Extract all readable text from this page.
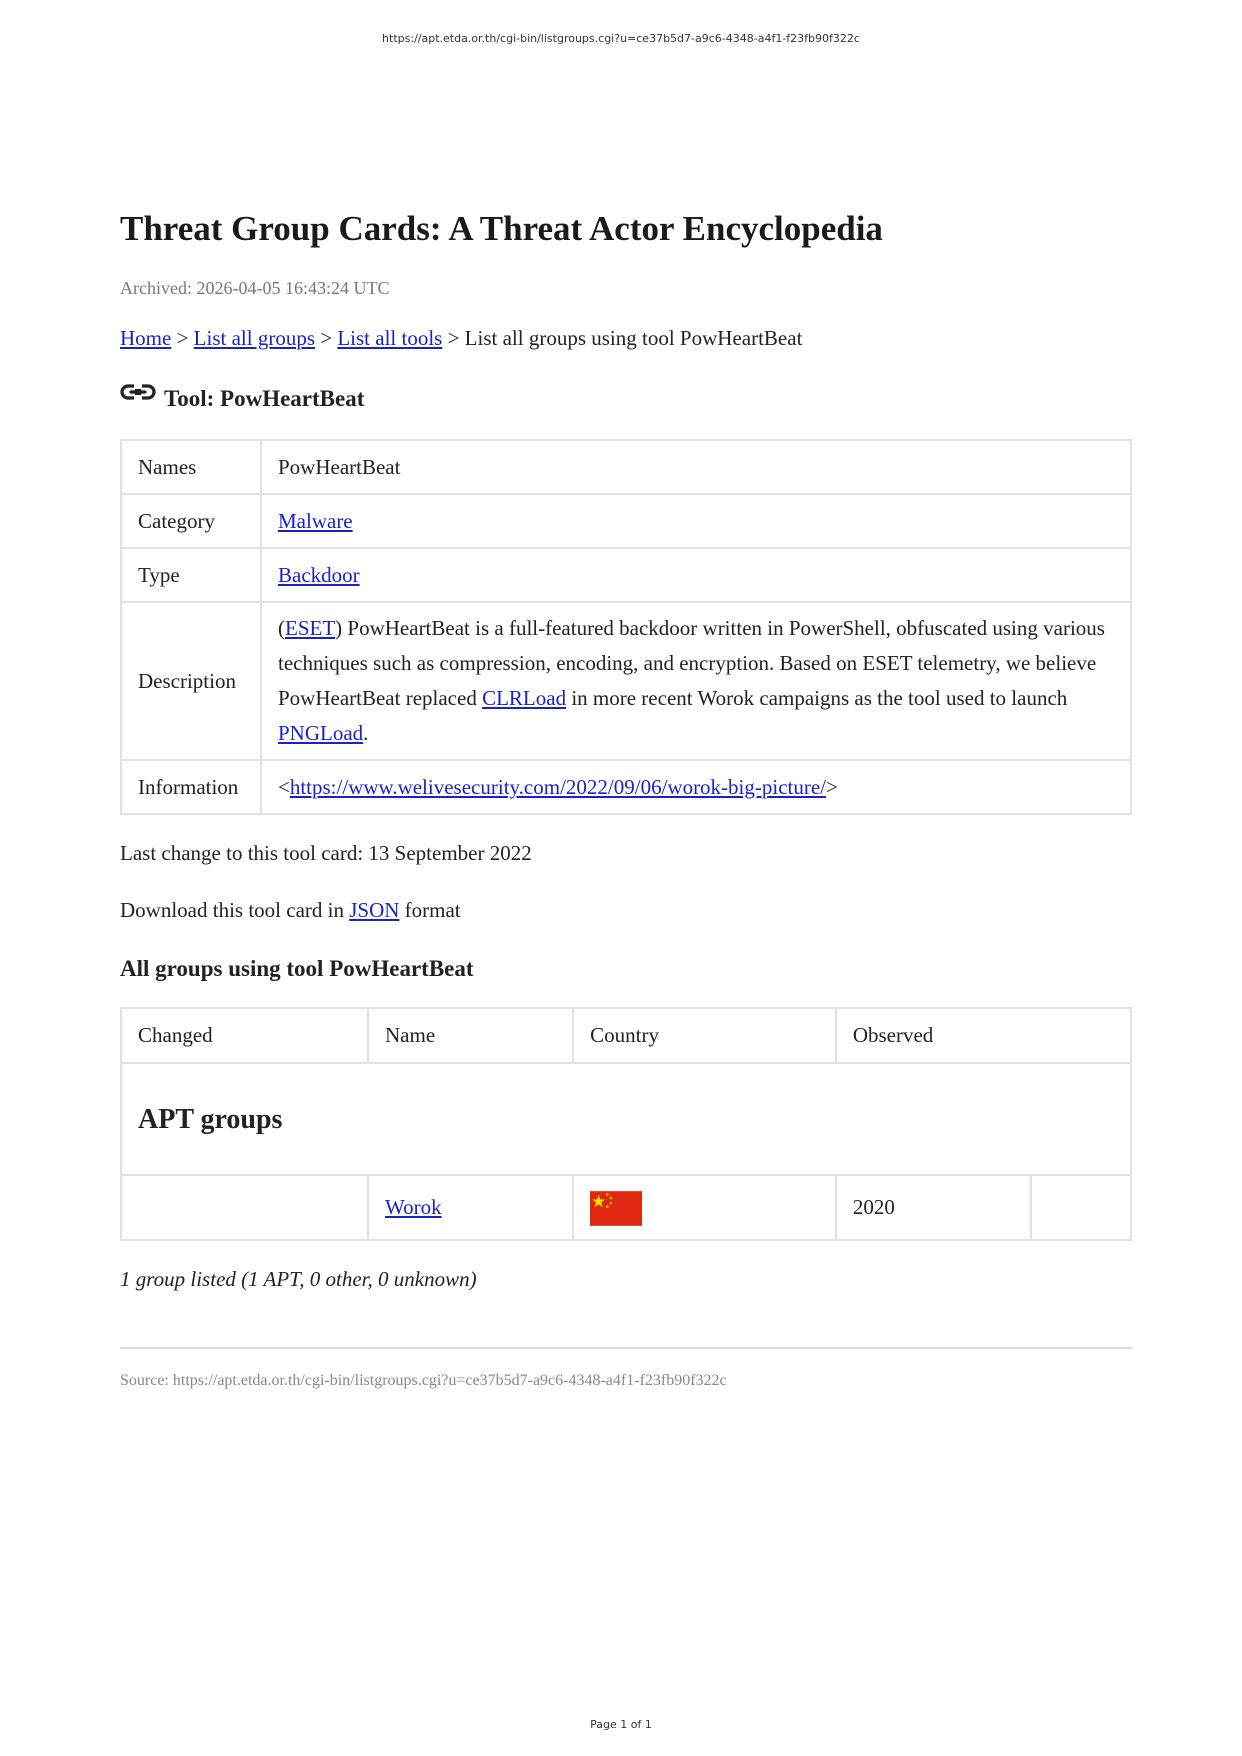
https://apt.etda.or.th/cgi-bin/listgroups.cgi?u=ce37b5d7-a9c6-4348-a4f1-f23fb90f322c
Threat Group Cards: A Threat Actor Encyclopedia
Archived: 2026-04-05 16:43:24 UTC
Home > List all groups > List all tools > List all groups using tool PowHeartBeat
Tool: PowHeartBeat
Names	PowHeartBeat
Category	Malware
Type	Backdoor
Description	(ESET) PowHeartBeat is a full-featured backdoor written in PowerShell, obfuscated using various techniques such as compression, encoding, and encryption. Based on ESET telemetry, we believe PowHeartBeat replaced CLRLoad in more recent Worok campaigns as the tool used to launch PNGLoad.
Information	<https://www.welivesecurity.com/2022/09/06/worok-big-picture/>
Last change to this tool card: 13 September 2022
Download this tool card in JSON format
All groups using tool PowHeartBeat
Changed	Name	Country	Observed	
APT groups				
	Worok		2020	
1 group listed (1 APT, 0 other, 0 unknown)
Source: https://apt.etda.or.th/cgi-bin/listgroups.cgi?u=ce37b5d7-a9c6-4348-a4f1-f23fb90f322c
Page 1 of 1
